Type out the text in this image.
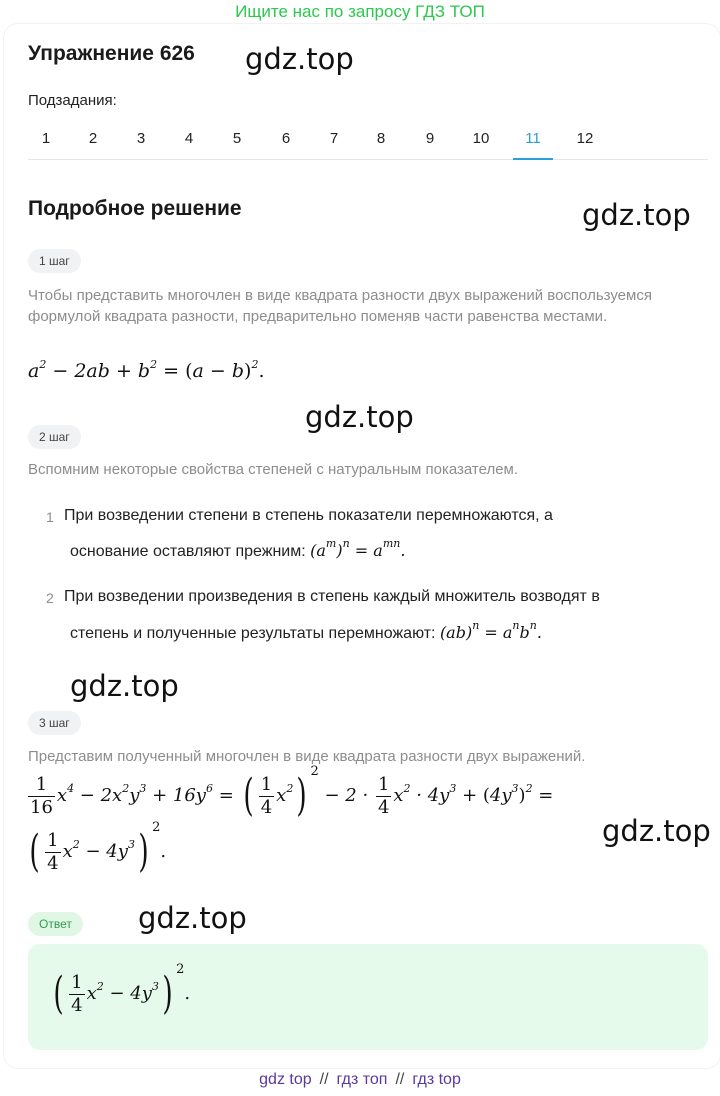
Ищите нас по запросу ГДЗ ТОП
Упражнение 626 gdz.top
Подзадания:
1	2	3	4	5	6	7	8	9	10	11	12
Подробное решение	gdz.top
1 шаг
Чтобы представить многочлен в виде квадрата разности двух выражений воспользуемся формулой квадрата разности, предварительно поменяв части равенства местами.
$a^2 - 2ab + b^2 = (a - b)^2$.
gdz.top
2 шаг
Вспомним некоторые свойства степеней с натуральным показателем.
1 При возведении степени в степень показатели перемножаются, а
основание оставляют прежним: $(a^m)^n = a^{mn}$.
2 При возведении произведения в степень каждый множитель возводят в
степень и полученные результаты перемножают: $(ab)^n = a^nb^n$.
gdz.top
3 шаг
Представим полученный многочлен в виде квадрата разности двух выражений.
$\frac{1}{16} x^4 - 2x^2y^3 + 16y^6$ = ( $\frac{1}{4} x^2$) $^2 - 2 \cdot \frac{1}{4} x^2 \cdot 4y^3 + (4y^3)^2$ =
( $\frac{1}{4} x^2 - 4y^3$) $^2$.
gdz.top
Ответ	gdz.top
( $\frac{1}{4} x^2 - 4y^3$) $^2$.
gdz top // гдз топ // гдз top
